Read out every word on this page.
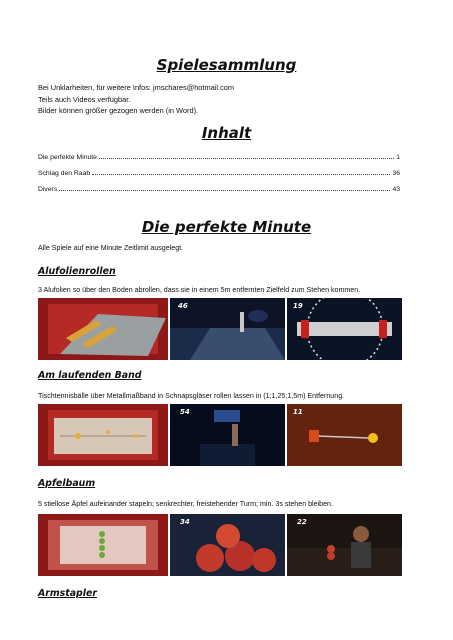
Spielesammlung
Bei Unklarheiten, für weitere Infos: jmschares@hotmail.com
Teils auch Videos verfügbar.
Bilder können größer gezogen werden (in Word).
Inhalt
Die perfekte Minute	1
Schlag den Raab	36
Divers	43
Die perfekte Minute
Alle Spiele auf eine Minute Zeitlimit ausgelegt.
Alufolienrollen
3 Alufolien so über den Boden abrollen, dass sie in einem 5m entfernten Zielfeld zum Stehen kommen.
46	19
Am laufenden Band
Tischtennisbälle über Metallmaßband in Schnapsgläser rollen lassen in (1;1,25;1,5m) Entfernung.
54	11
Apfelbaum
5 stiellose Äpfel aufeinander stapeln; senkrechter, freistehender Turm; min. 3s stehen bleiben.
34	22
Armstapler
